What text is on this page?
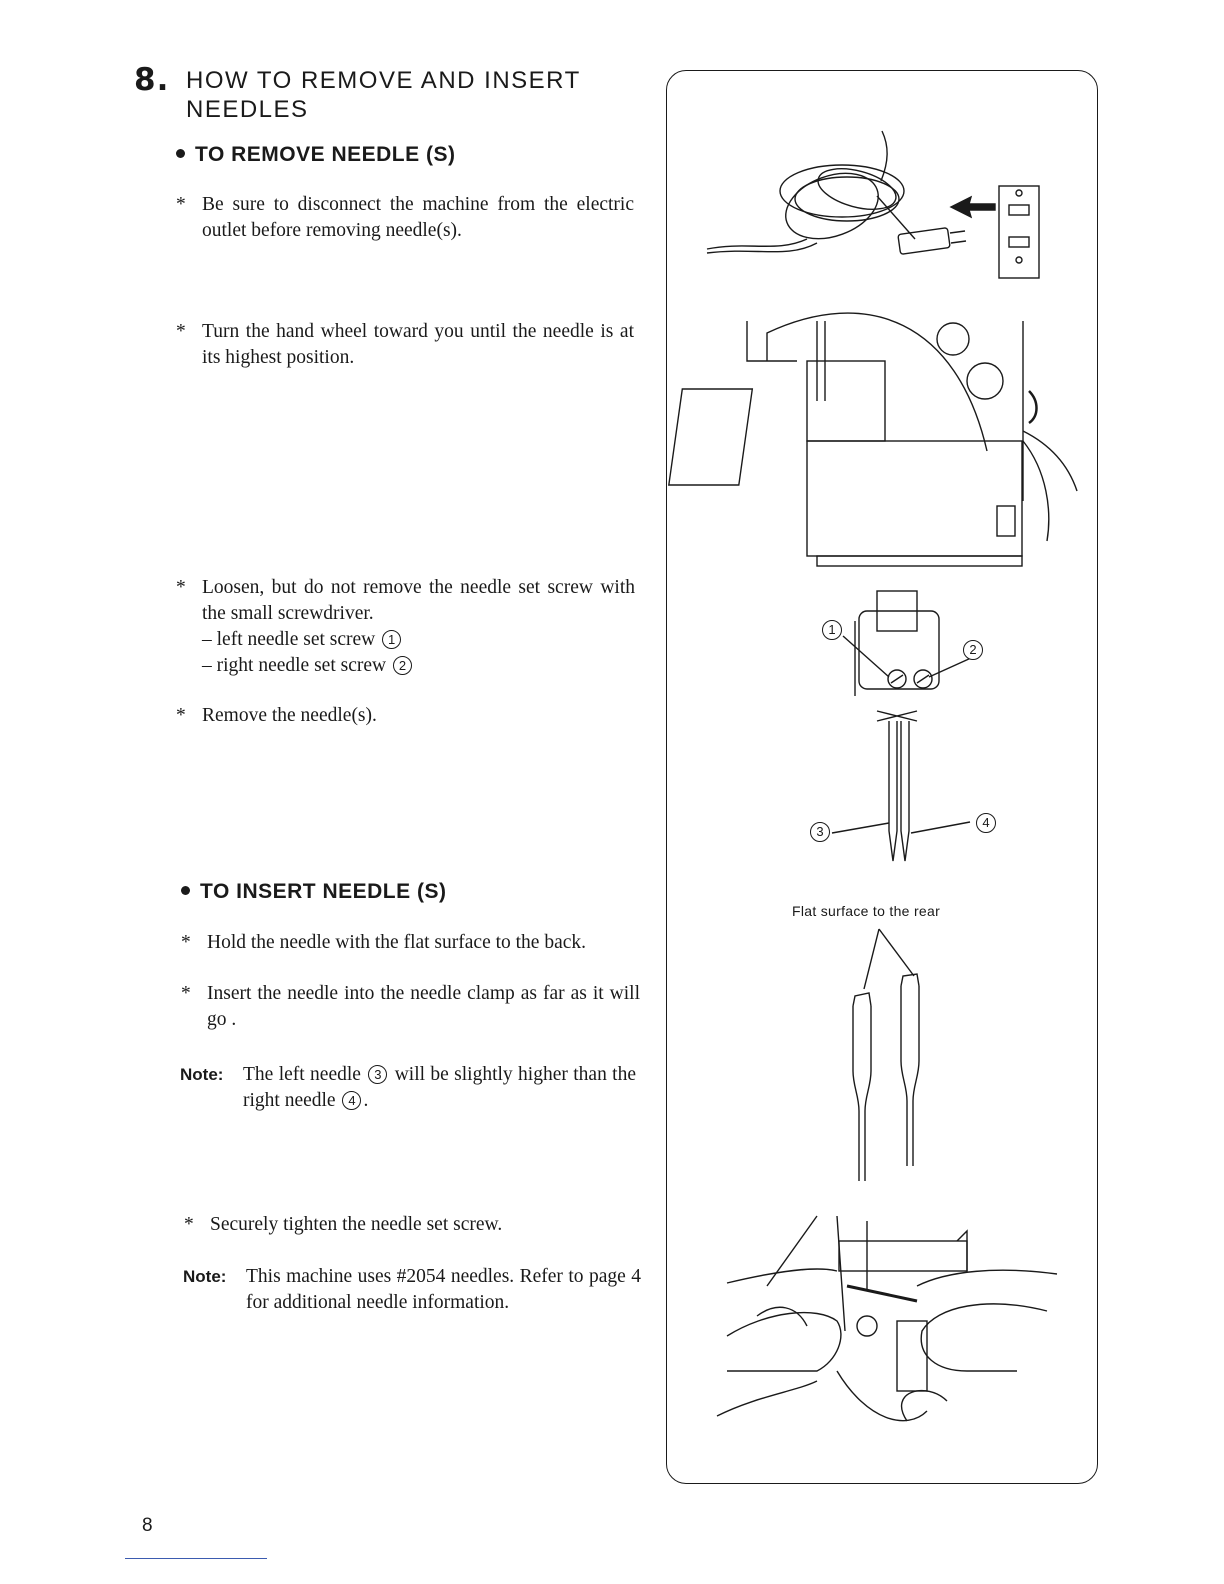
8. HOW TO REMOVE AND INSERT NEEDLES
TO REMOVE NEEDLE (S)
* Be sure to disconnect the machine from the electric outlet before removing needle(s).
* Turn the hand wheel toward you until the needle is at its highest position.
* Loosen, but do not remove the needle set screw with the small screwdriver.
– left needle set screw 1
– right needle set screw 2
* Remove the needle(s).
TO INSERT NEEDLE (S)
* Hold the needle with the flat surface to the back.
* Insert the needle into the needle clamp as far as it will go .
Note: The left needle 3 will be slightly higher than the right needle 4 .
* Securely tighten the needle set screw.
Note: This machine uses #2054 needles. Refer to page 4 for additional needle information.
1
2
3
4
Flat surface to the rear
8
